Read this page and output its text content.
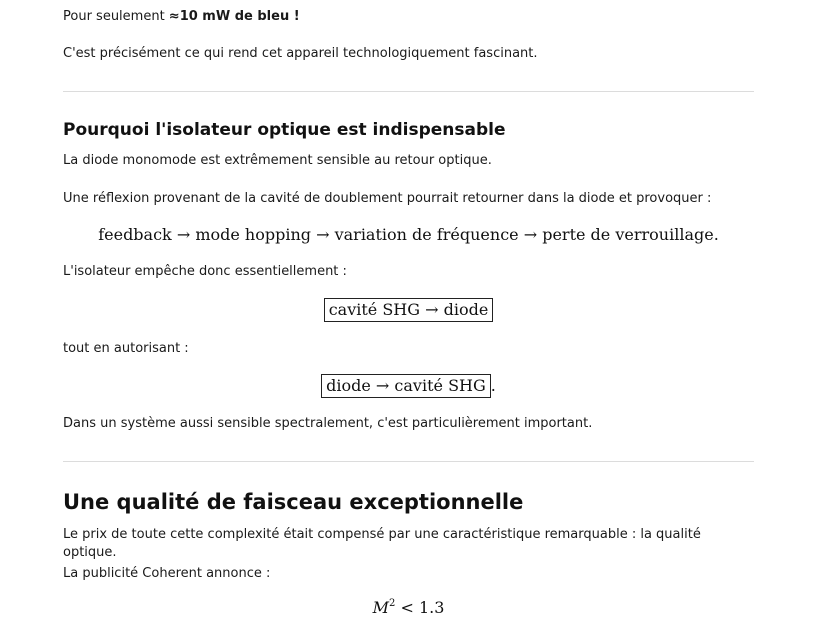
Pour seulement ≈10 mW de bleu !

C'est précisément ce qui rend cet appareil technologiquement fascinant.

Pourquoi l'isolateur optique est indispensable

La diode monomode est extrêmement sensible au retour optique.

Une réflexion provenant de la cavité de doublement pourrait retourner dans la diode et provoquer :

feedback → mode hopping → variation de fréquence → perte de verrouillage.

L'isolateur empêche donc essentiellement :

cavité SHG → diode

tout en autorisant :

diode → cavité SHG .

Dans un système aussi sensible spectralement, c'est particulièrement important.

Une qualité de faisceau exceptionnelle

Le prix de toute cette complexité était compensé par une caractéristique remarquable : la qualité optique.

La publicité Coherent annonce :

$M^2 < 1.3$
